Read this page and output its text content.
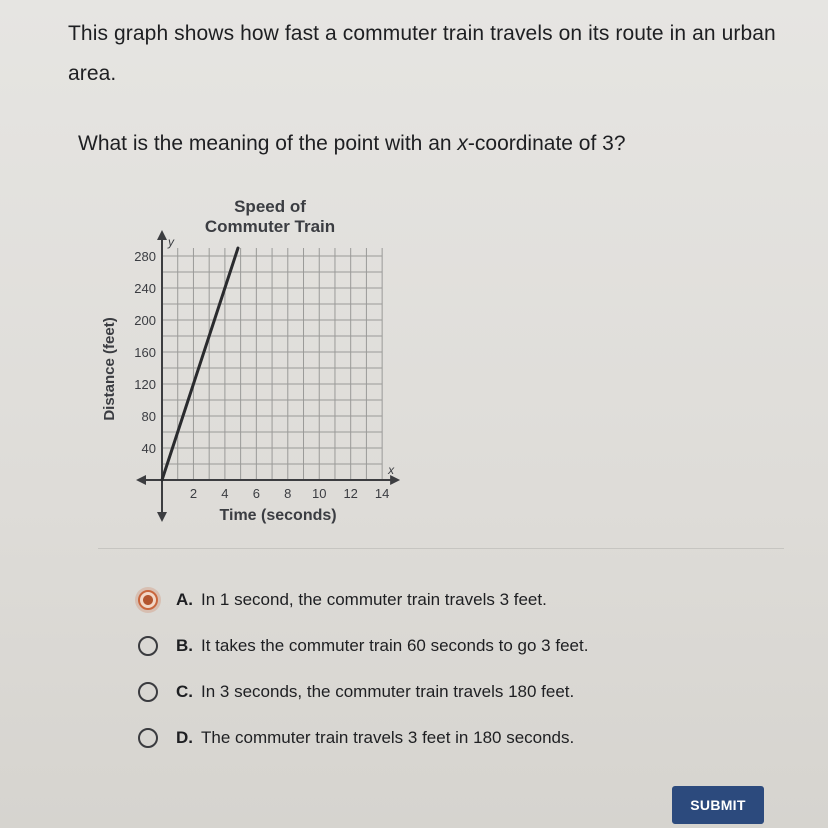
This graph shows how fast a commuter train travels on its route in an urban area.
What is the meaning of the point with an x-coordinate of 3?
Speed of
Commuter Train
40
80
120
160
200
240
280
2 4 6 8 10 12 14
Time (seconds)
Distance (feet)
x
y
A. In 1 second, the commuter train travels 3 feet.
B. It takes the commuter train 60 seconds to go 3 feet.
C. In 3 seconds, the commuter train travels 180 feet.
D. The commuter train travels 3 feet in 180 seconds.
SUBMIT
